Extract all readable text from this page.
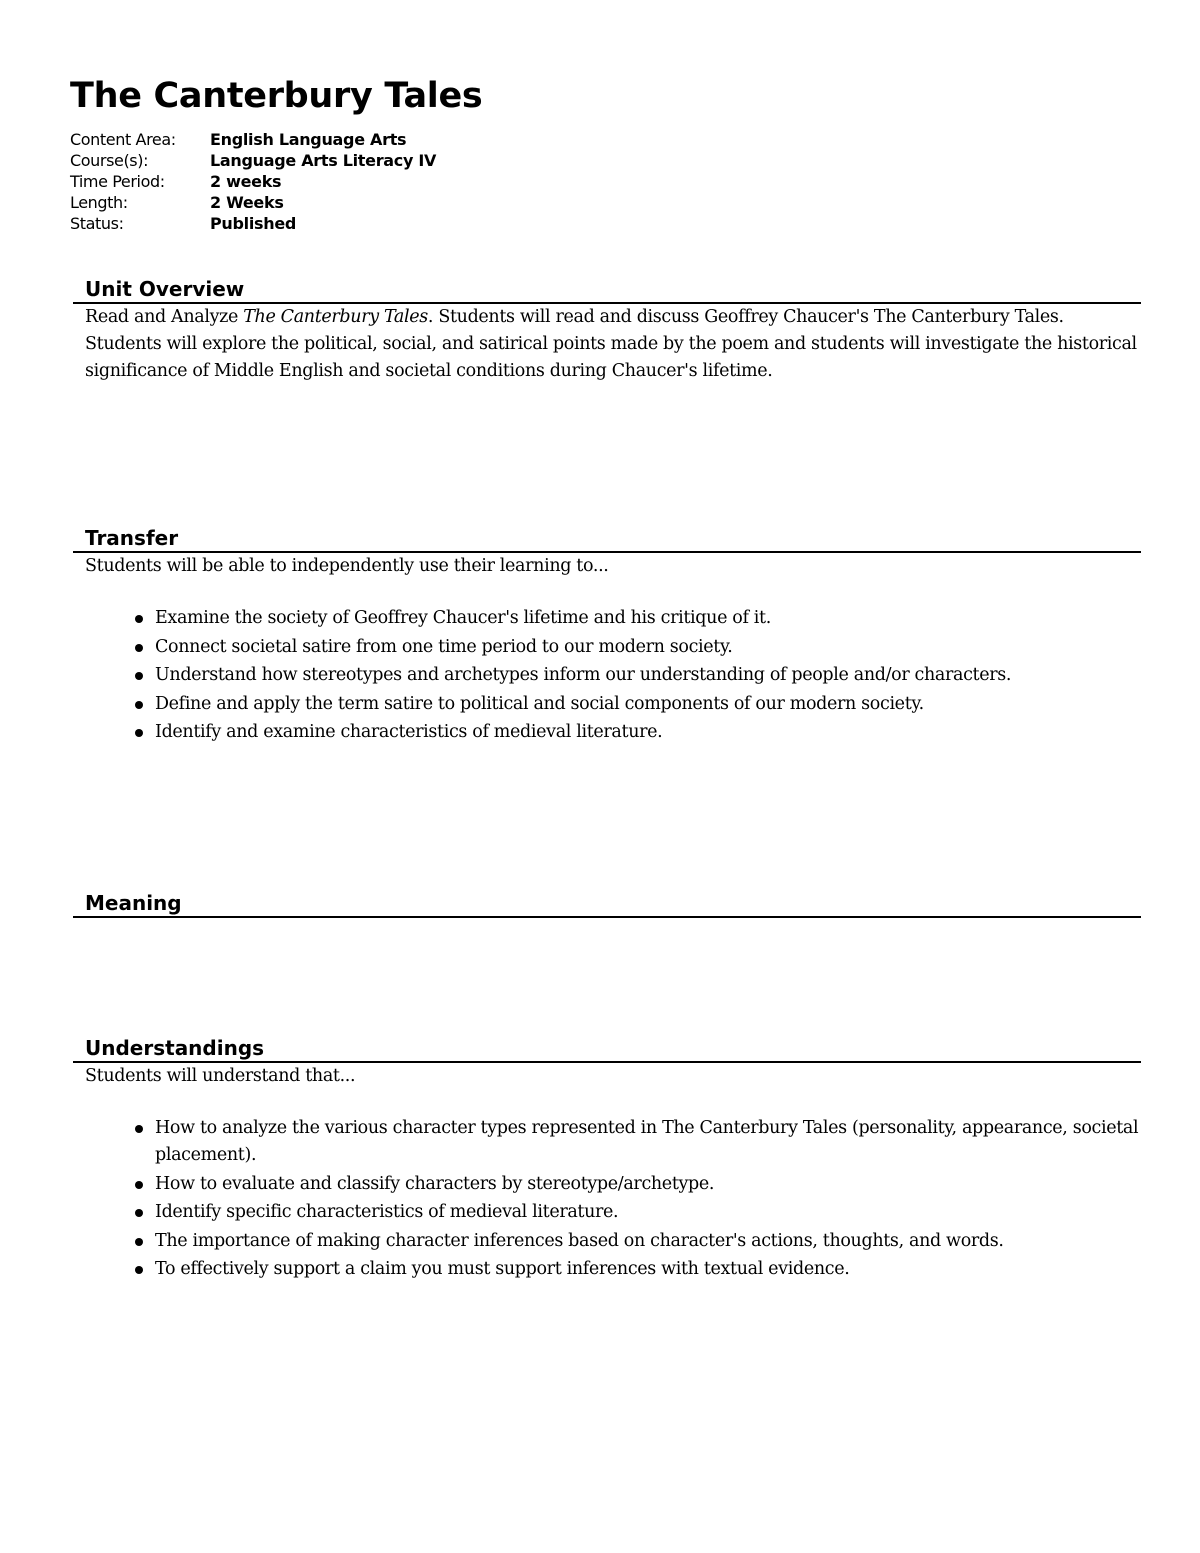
The Canterbury Tales
Content Area: English Language Arts
Course(s):	Language Arts Literacy IV
Time Period:	2 weeks
Length:	2 Weeks
Status:	Published
Unit Overview

Read and Analyze The Canterbury Tales. Students will read and discuss Geoffrey Chaucer's The Canterbury Tales. Students will explore the political, social, and satirical points made by the poem and students will investigate the historical significance of Middle English and societal conditions during Chaucer's lifetime.

Transfer

Students will be able to independently use their learning to...

Examine the society of Geoffrey Chaucer's lifetime and his critique of it.
Connect societal satire from one time period to our modern society.
Understand how stereotypes and archetypes inform our understanding of people and/or characters.
Define and apply the term satire to political and social components of our modern society.
Identify and examine characteristics of medieval literature.
Meaning
Understandings

Students will understand that...

How to analyze the various character types represented in The Canterbury Tales (personality, appearance, societal placement).
How to evaluate and classify characters by stereotype/archetype.
Identify specific characteristics of medieval literature.
The importance of making character inferences based on character's actions, thoughts, and words.
To effectively support a claim you must support inferences with textual evidence.
